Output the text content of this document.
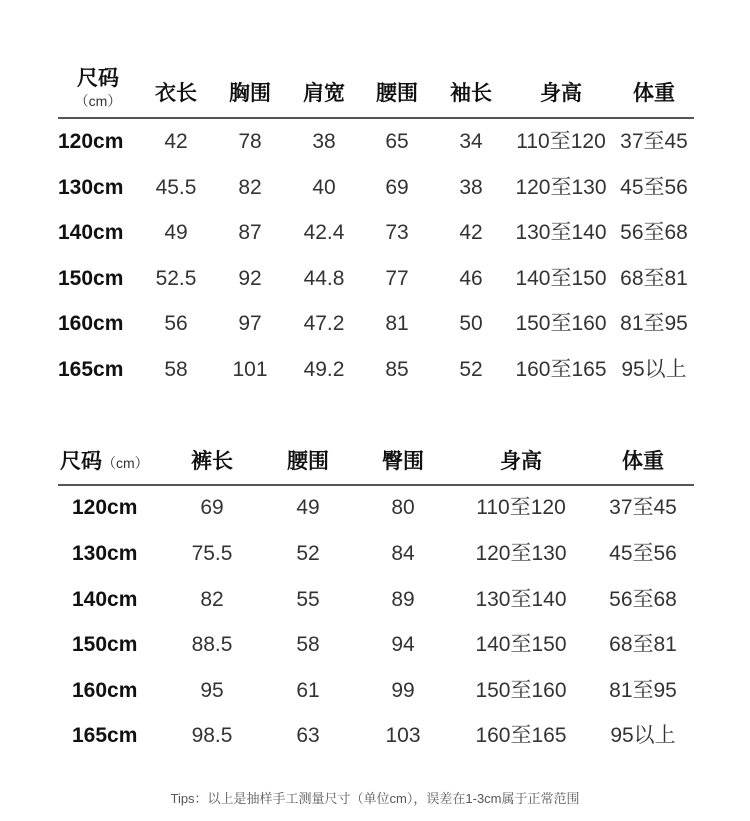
尺码
（cm）	衣长	胸围	肩宽	腰围	袖长	身高	体重
120cm	42	78	38	65	34	110至120 37至45
130cm	45.5	82	40	69	38	120至130 45至56
140cm	49	87	42.4	73	42	130至140 56至68
150cm	52.5	92	44.8	77	46	140至150 68至81
160cm	56	97	47.2	81	50	150至160 81至95
165cm	58	101	49.2	85	52	160至165 95以上
尺码（cm）	裤长	腰围	臀围	身高	体重
120cm	69	49	80	110至120	37至45
130cm	75.5	52	84	120至130	45至56
140cm	82	55	89	130至140	56至68
150cm	88.5	58	94	140至150	68至81
160cm	95	61	99	150至160	81至95
165cm	98.5	63	103	160至165	95以上
Tips：以上是抽样手工测量尺寸（单位cm），误差在1-3cm属于正常范围
